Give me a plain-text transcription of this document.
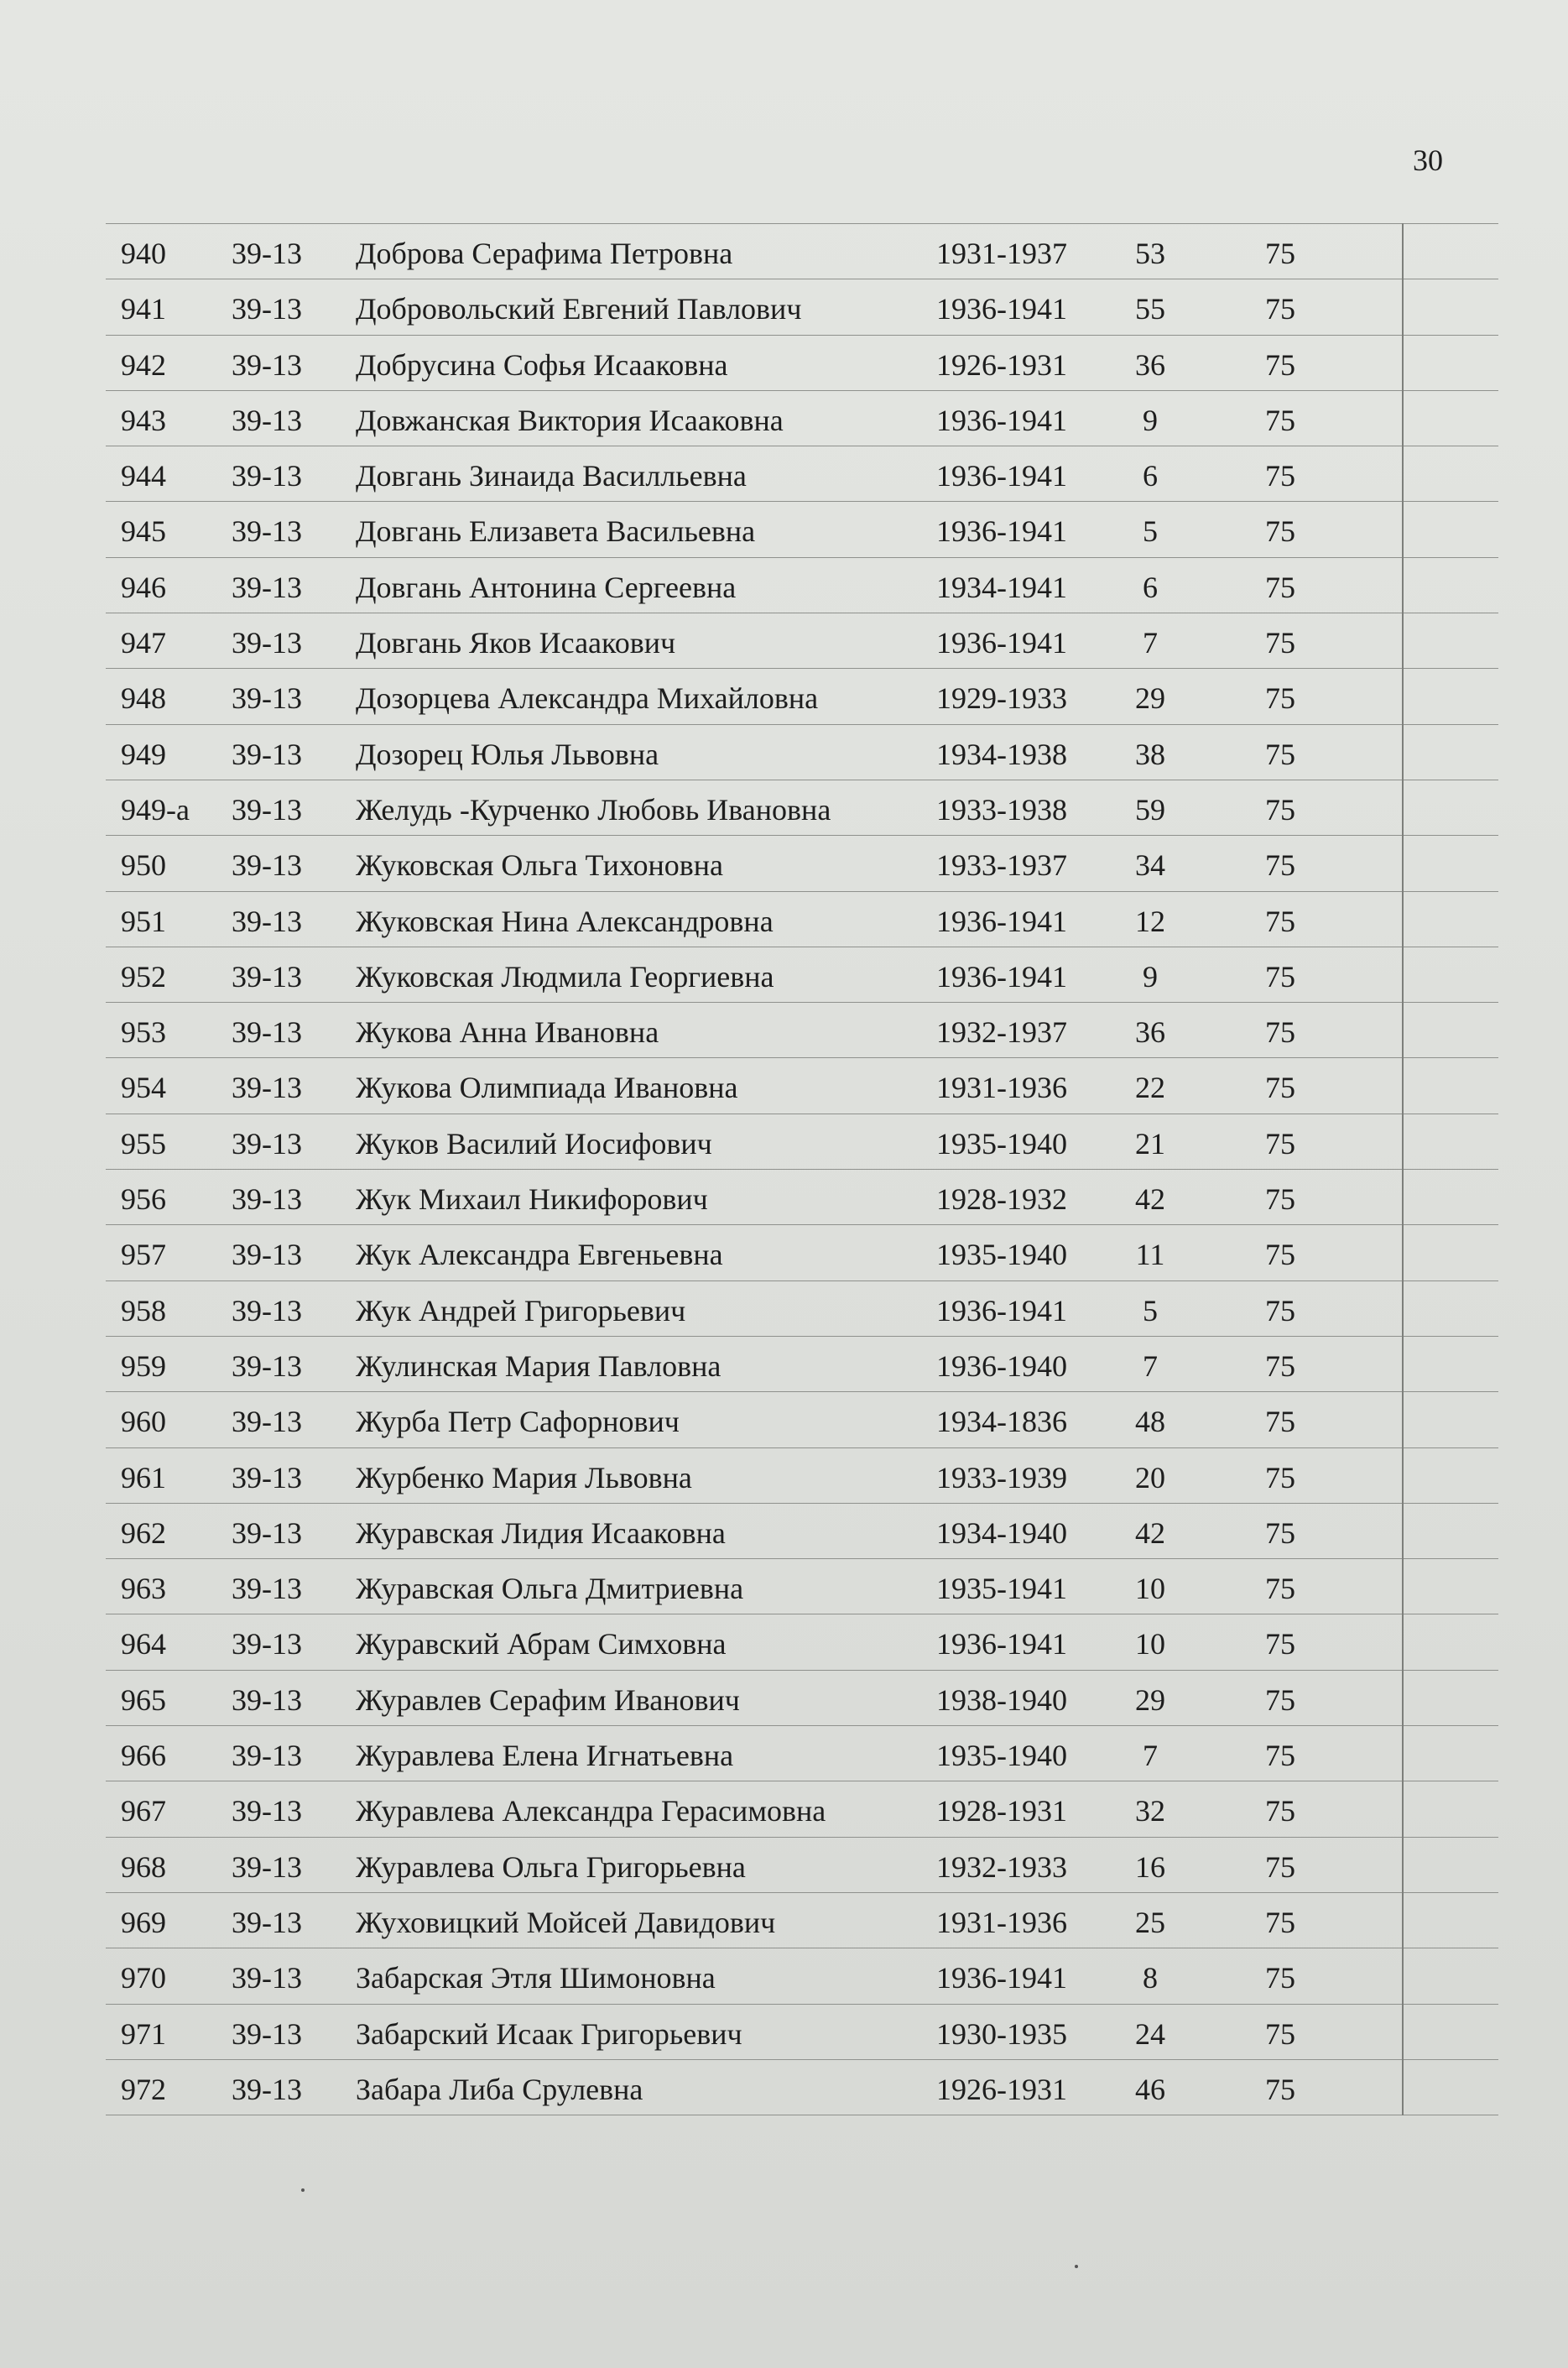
30
940 39-13 Доброва Серафима Петровна	1931-1937	53	75
941 39-13 Добровольский Евгений Павлович	1936-1941	55	75
942 39-13 Добрусина Софья Исааковна	1926-1931	36	75
943 39-13 Довжанская Виктория Исааковна	1936-1941	9	75
944 39-13 Довгань Зинаида Василльевна	1936-1941	6	75
945 39-13 Довгань Елизавета Васильевна	1936-1941	5	75
946 39-13 Довгань Антонина Сергеевна	1934-1941	6	75
947 39-13 Довгань Яков Исаакович	1936-1941	7	75
948 39-13 Дозорцева Александра Михайловна	1929-1933	29	75
949 39-13 Дозорец Юлья Львовна	1934-1938	38	75
949-а 39-13 Желудь -Курченко Любовь Ивановна	1933-1938	59	75
950 39-13 Жуковская Ольга Тихоновна	1933-1937	34	75
951 39-13 Жуковская Нина Александровна	1936-1941	12	75
952 39-13 Жуковская Людмила Георгиевна	1936-1941	9	75
953 39-13 Жукова Анна Ивановна	1932-1937	36	75
954 39-13 Жукова Олимпиада Ивановна	1931-1936	22	75
955 39-13 Жуков Василий Иосифович	1935-1940	21	75
956 39-13 Жук Михаил Никифорович	1928-1932	42	75
957 39-13 Жук Александра Евгеньевна	1935-1940	11	75
958 39-13 Жук Андрей Григорьевич	1936-1941	5	75
959 39-13 Жулинская Мария Павловна	1936-1940	7	75
960 39-13 Журба Петр Сафорнович	1934-1836	48	75
961 39-13 Журбенко Мария Львовна	1933-1939	20	75
962 39-13 Журавская Лидия Исааковна	1934-1940	42	75
963 39-13 Журавская Ольга Дмитриевна	1935-1941	10	75
964 39-13 Журавский Абрам Симховна	1936-1941	10	75
965 39-13 Журавлев Серафим Иванович	1938-1940	29	75
966 39-13 Журавлева Елена Игнатьевна	1935-1940	7	75
967 39-13 Журавлева Александра Герасимовна	1928-1931	32	75
968 39-13 Журавлева Ольга Григорьевна	1932-1933	16	75
969 39-13 Жуховицкий Мойсей Давидович	1931-1936	25	75
970 39-13 Забарская Этля Шимоновна	1936-1941	8	75
971 39-13 Забарский Исаак Григорьевич	1930-1935	24	75
972 39-13 Забара Либа Срулевна	1926-1931	46	75
